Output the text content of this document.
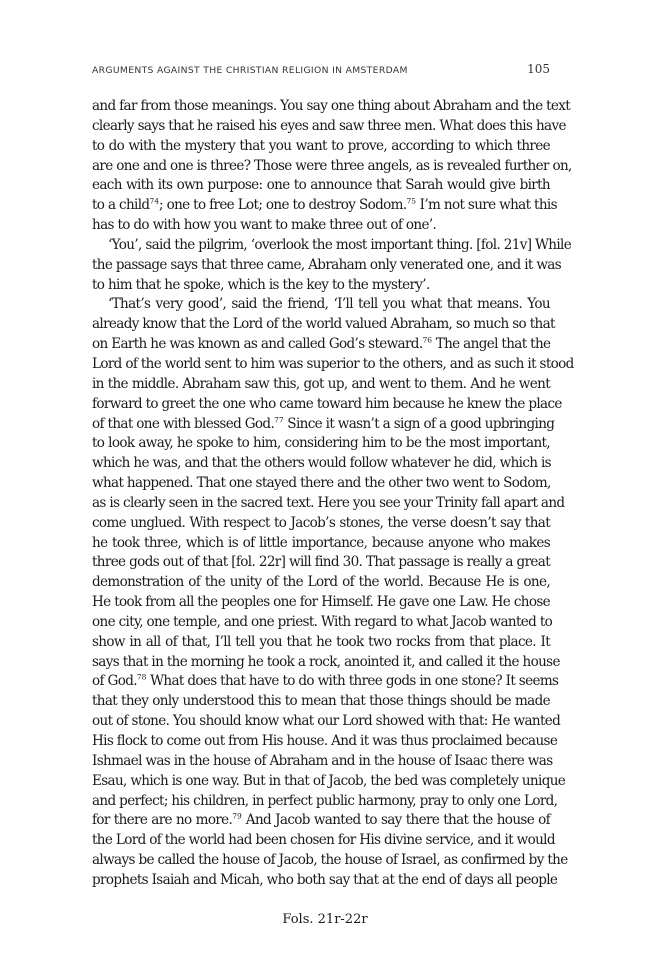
ARGUMENTS AGAINST THE CHRISTIAN RELIGION IN AMSTERDAM	105
and far from those meanings. You say one thing about Abraham and the text
clearly says that he raised his eyes and saw three men. What does this have
to do with the mystery that you want to prove, according to which three
are one and one is three? Those were three angels, as is revealed further on,
each with its own purpose: one to announce that Sarah would give birth
to a child$^{74}$; one to free Lot; one to destroy Sodom.$^{75}$ I’m not sure what this
has to do with how you want to make three out of one’.
‘You’, said the pilgrim, ‘overlook the most important thing. [fol. 21v] While
the passage says that three came, Abraham only venerated one, and it was
to him that he spoke, which is the key to the mystery’.
‘That’s very good’, said the friend, ‘I’ll tell you what that means. You
already know that the Lord of the world valued Abraham, so much so that
on Earth he was known as and called God’s steward.$^{76}$ The angel that the
Lord of the world sent to him was superior to the others, and as such it stood
in the middle. Abraham saw this, got up, and went to them. And he went
forward to greet the one who came toward him because he knew the place
of that one with blessed God.$^{77}$ Since it wasn’t a sign of a good upbringing
to look away, he spoke to him, considering him to be the most important,
which he was, and that the others would follow whatever he did, which is
what happened. That one stayed there and the other two went to Sodom,
as is clearly seen in the sacred text. Here you see your Trinity fall apart and
come unglued. With respect to Jacob’s stones, the verse doesn’t say that
he took three, which is of little importance, because anyone who makes
three gods out of that [fol. 22r] will find 30. That passage is really a great
demonstration of the unity of the Lord of the world. Because He is one,
He took from all the peoples one for Himself. He gave one Law. He chose
one city, one temple, and one priest. With regard to what Jacob wanted to
show in all of that, I’ll tell you that he took two rocks from that place. It
says that in the morning he took a rock, anointed it, and called it the house
of God.$^{78}$ What does that have to do with three gods in one stone? It seems
that they only understood this to mean that those things should be made
out of stone. You should know what our Lord showed with that: He wanted
His flock to come out from His house. And it was thus proclaimed because
Ishmael was in the house of Abraham and in the house of Isaac there was
Esau, which is one way. But in that of Jacob, the bed was completely unique
and perfect; his children, in perfect public harmony, pray to only one Lord,
for there are no more.$^{79}$ And Jacob wanted to say there that the house of
the Lord of the world had been chosen for His divine service, and it would
always be called the house of Jacob, the house of Israel, as confirmed by the
prophets Isaiah and Micah, who both say that at the end of days all people
Fols. 21r-22r
